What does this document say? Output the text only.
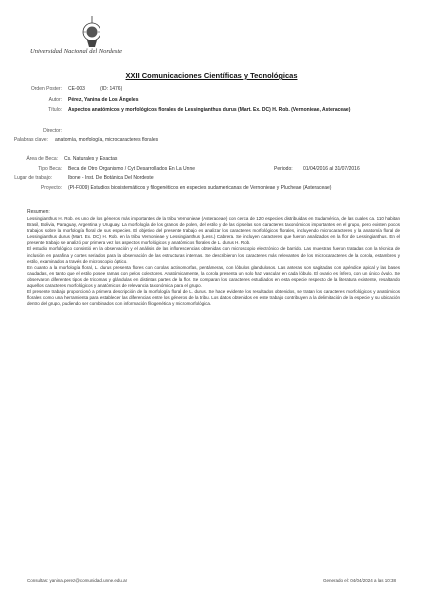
Universidad Nacional del Nordeste
XXII Comunicaciones Científicas y Tecnológicas
Orden Poster: CE-003	(ID: 1476)
Autor: Pérez, Yanina de Los Ángeles
Título: Aspectos anatómicos y morfológicos florales de Lessingianthus durus (Mart. Ex. DC) H. Rob. (Vernonieae, Asteraceae)
Director:
Palabras clave: anatomía, morfología, microcaracteres florales
Área de Beca: Cs. Naturales y Exactas
Tipo Beca: Beca de Otro Organismo / Cyt Desarrollados En La Unne	Periodo: 01/04/2016 al 31/07/2016
Lugar de trabajo:	Ibone - Inst. De Botánica Del Nordeste
Proyecto: (PI-F009) Estudios biosistemáticos y filogenéticos en especies sudamericanas de Vernonieae y Plucheae (Asteraceae)
Resumen:

Lessingianthus H. Rob. es uno de los géneros más importantes de la tribu Vernonieae (Asteraceae) con cerca de 120 especies distribuidas en Sudamérica, de las cuales ca. 110 habitan Brasil, Bolivia, Paraguay, Argentina y Uruguay. La morfología de los granos de polen, del estilo y de las cipselas son caracteres taxonómicos importantes en el grupo, pero existen pocos trabajos sobre la morfología floral de sus especies. El objetivo del presente trabajo es analizar los caracteres morfológicos florales, incluyendo microcaracteres y la anatomía floral de Lessingianthus durus (Mart. Ex. DC) H. Rob. en la tribu Vernonieae y Lessingianthus (Less.) Cabrera. Se incluyen caracteres que fueron analizados en la flor de Lessingianthus. En el presente trabajo se analizó por primera vez los aspectos morfológicos y anatómicos florales de L. durus H. Rob.

El estudio morfológico consistió en la observación y el análisis de las inflorescencias obtenidas con microscopio electrónico de barrido. Las muestras fueron tratadas con la técnica de inclusión en parafina y cortes seriados para la observación de las estructuras internas. Se describieron los caracteres más relevantes de los microcaracteres de la corola, estambres y estilo, examinados a través de microscopio óptico.

En cuanto a la morfología floral, L. durus presenta flores con corolas actinomorfas, pentámeras, con lóbulos glandulosos. Las anteras son sagitadas con apéndice apical y las bases caudadas, en tanto que el estilo posee ramas con pelos colectores. Anatómicamente, la corola presenta un solo haz vascular en cada lóbulo. El ovario es ínfero, con un único óvulo. Se observaron diferentes tipos de tricomas y glándulas en distintas partes de la flor. Se comparan los caracteres estudiados en esta especie respecto de la literatura existente, resaltando aquellos caracteres morfológicos y anatómicos de relevancia taxonómica para el grupo.

El presente trabajo proporcionó a primera descripción de la morfología floral de L. durus. Se hace evidente los resultados obtenidos, se tratan los caracteres morfológicos y anatómicos florales como una herramienta para establecer las diferencias entre los géneros de la tribu. Los datos obtenidos en este trabajo contribuyen a la delimitación de la especie y su ubicación dentro del grupo, pudiendo ser combinados con información filogenética y micromorfológica.

Consultas: yanina.perez@comunidad.unne.edu.ar	Generado el: 04/04/2024 a las 10:38
